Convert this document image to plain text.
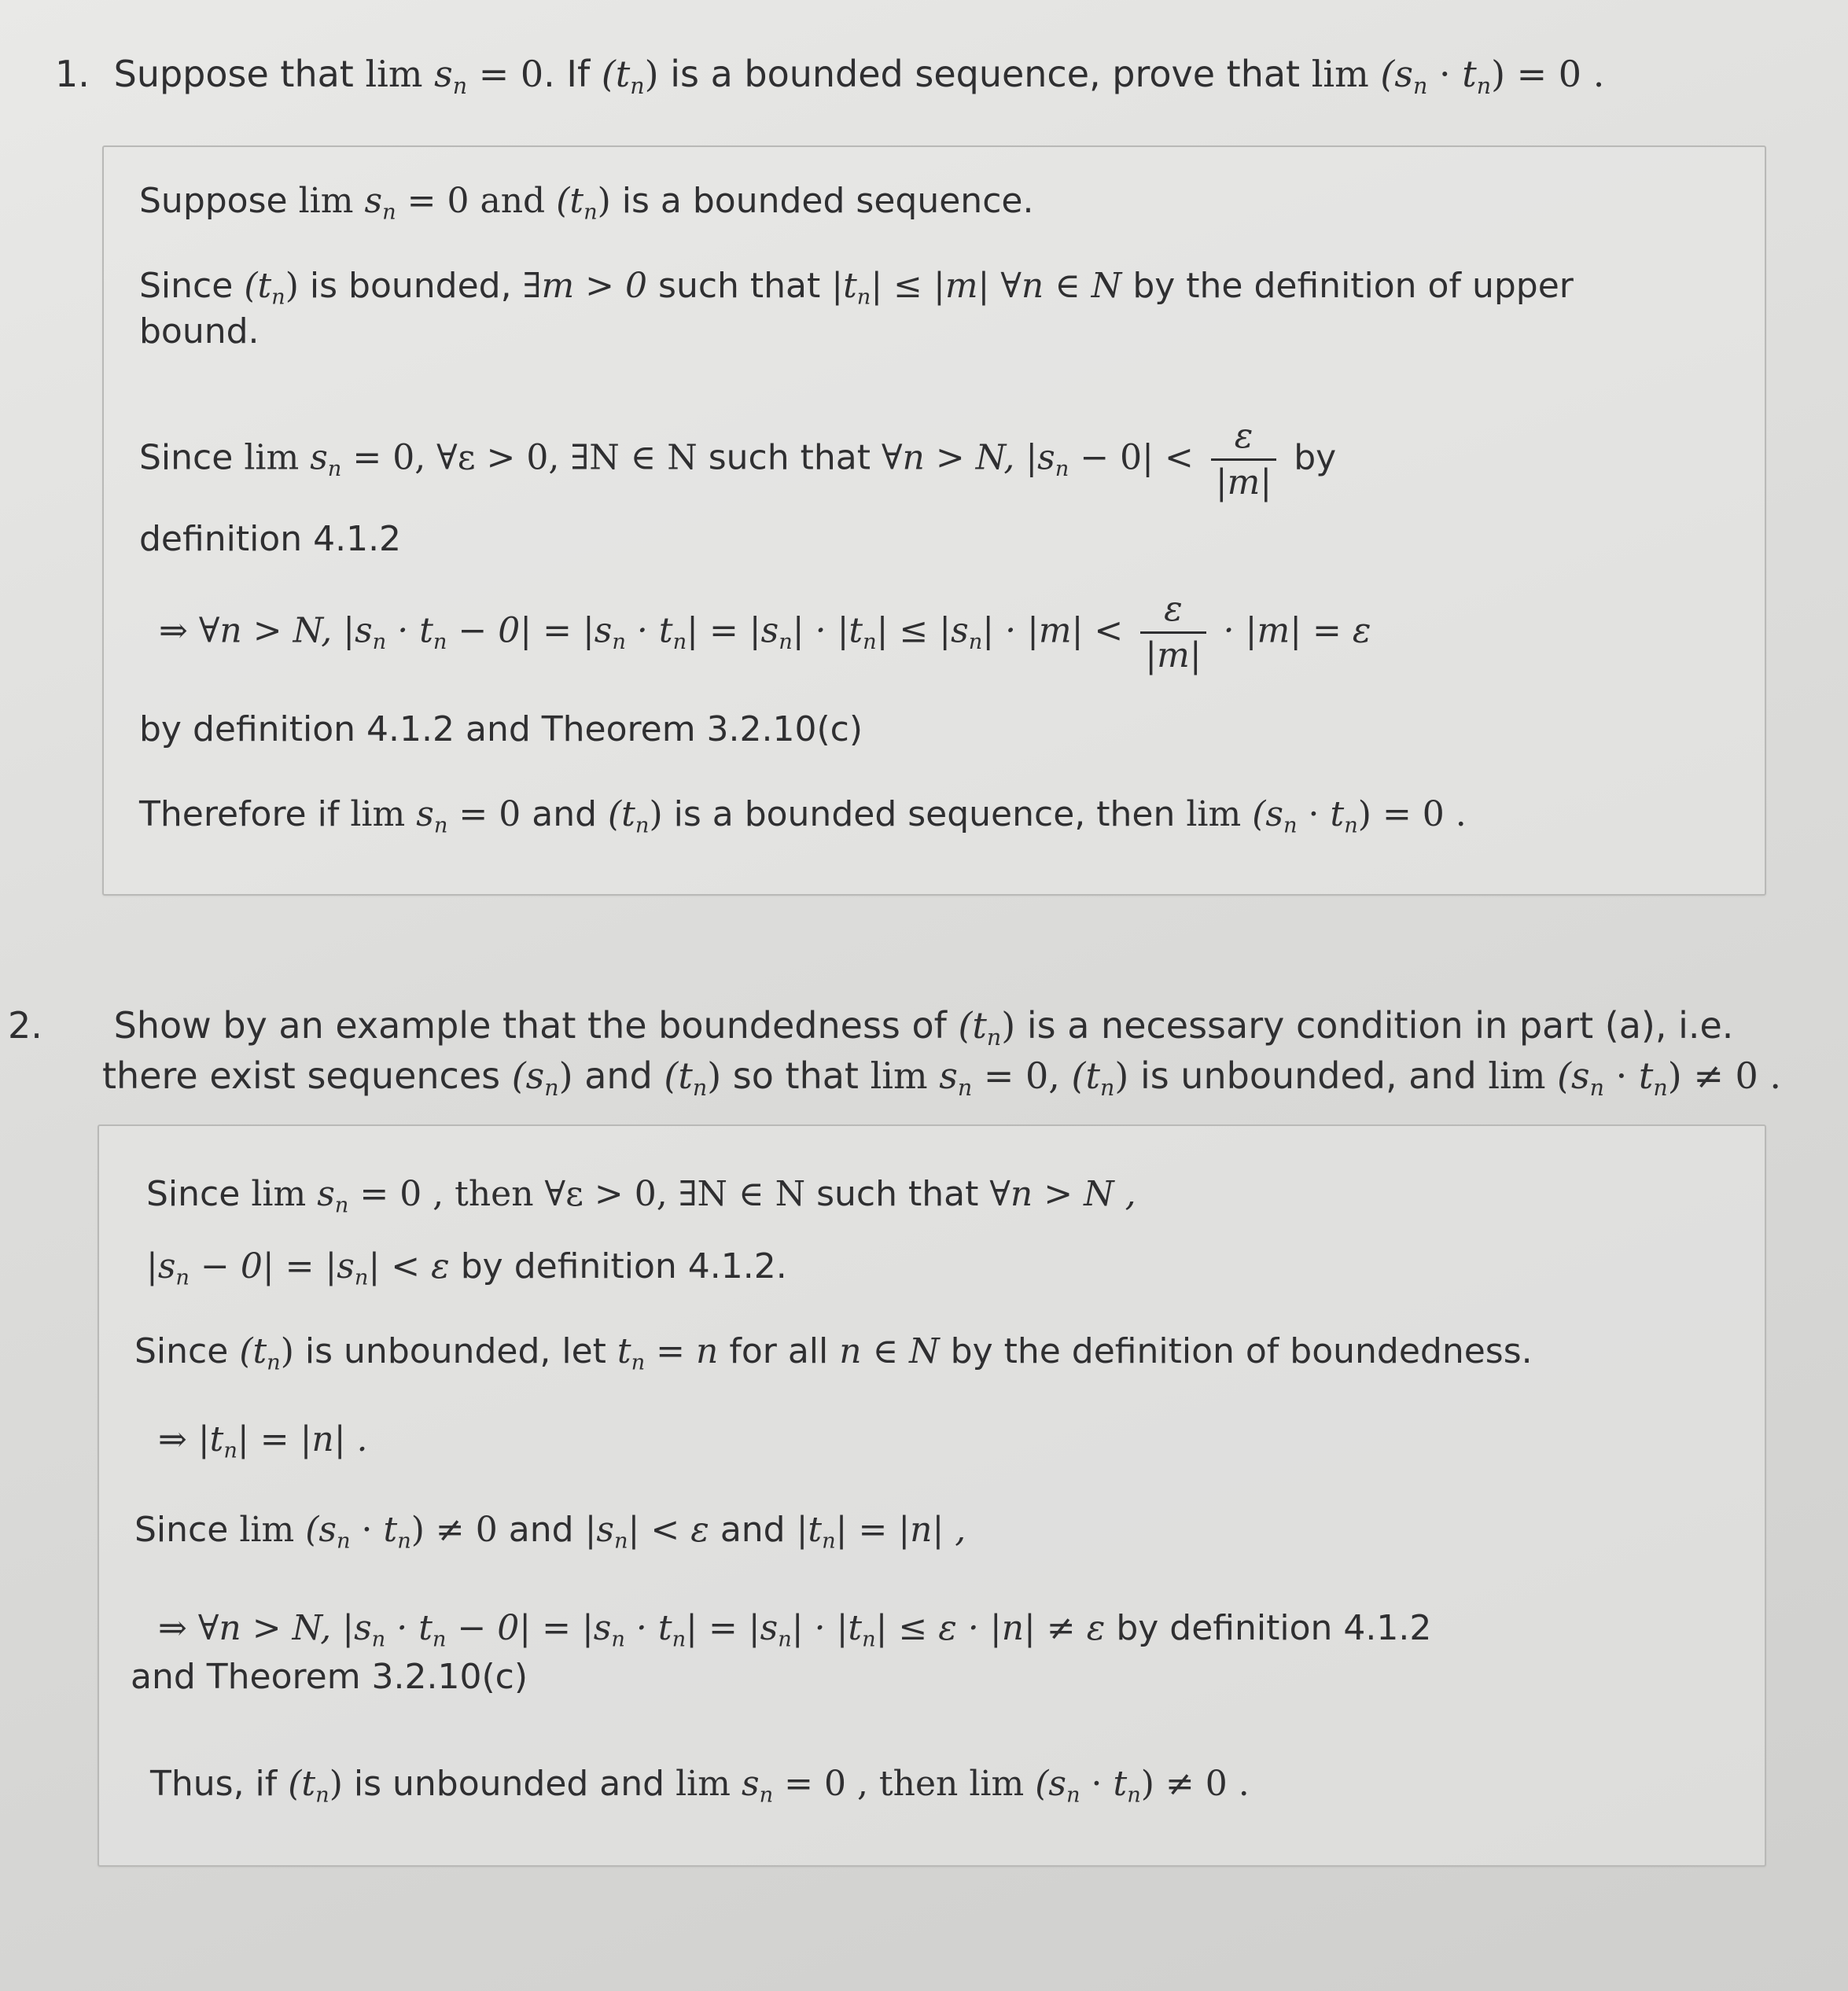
1. Suppose that $\lim s_n = 0$. If $(t_n)$ is a bounded sequence, prove that $\lim (s_n \cdot t_n) = 0$ .
Suppose $\lim s_n = 0$ and $(t_n)$ is a bounded sequence.
Since $(t_n)$ is bounded, ∃m > 0 such that $|t_n| \le |m|$ ∀n ∈ N by the definition of upper
bound.
Since $\lim s_n = 0$, ∀ε > 0, ∃N ∈ N such that ∀n > N, $|s_n - 0| < \frac{\varepsilon}{|m|}$ by
definition 4.1.2
⇒ ∀n > N, $|s_n \cdot t_n - 0| = |s_n \cdot t_n| = |s_n| \cdot |t_n| \le |s_n| \cdot |m| < \frac{\varepsilon}{|m|} \cdot |m| = \varepsilon$
by definition 4.1.2 and Theorem 3.2.10(c)
Therefore if $\lim s_n = 0$ and $(t_n)$ is a bounded sequence, then $\lim (s_n \cdot t_n) = 0$ .
2. Show by an example that the boundedness of $(t_n)$ is a necessary condition in part (a), i.e. there exist sequences $(s_n)$ and $(t_n)$ so that $\lim s_n = 0$, $(t_n)$ is unbounded, and $\lim (s_n \cdot t_n) \ne 0$ .
Since $\lim s_n = 0$ , then ∀ε > 0, ∃N ∈ N such that ∀n > N ,
$|s_n - 0| = |s_n| < \varepsilon$ by definition 4.1.2.
Since $(t_n)$ is unbounded, let $t_n = n$ for all n ∈ N by the definition of boundedness.
⇒ $|t_n| = |n|$ .
Since $\lim (s_n \cdot t_n) \ne 0$ and $|s_n| < \varepsilon$ and $|t_n| = |n|$ ,
⇒ ∀n > N, $|s_n \cdot t_n - 0| = |s_n \cdot t_n| = |s_n| \cdot |t_n| \le \varepsilon \cdot |n| \ne \varepsilon$ by definition 4.1.2
and Theorem 3.2.10(c)
Thus, if $(t_n)$ is unbounded and $\lim s_n = 0$ , then $\lim (s_n \cdot t_n) \ne 0$ .
